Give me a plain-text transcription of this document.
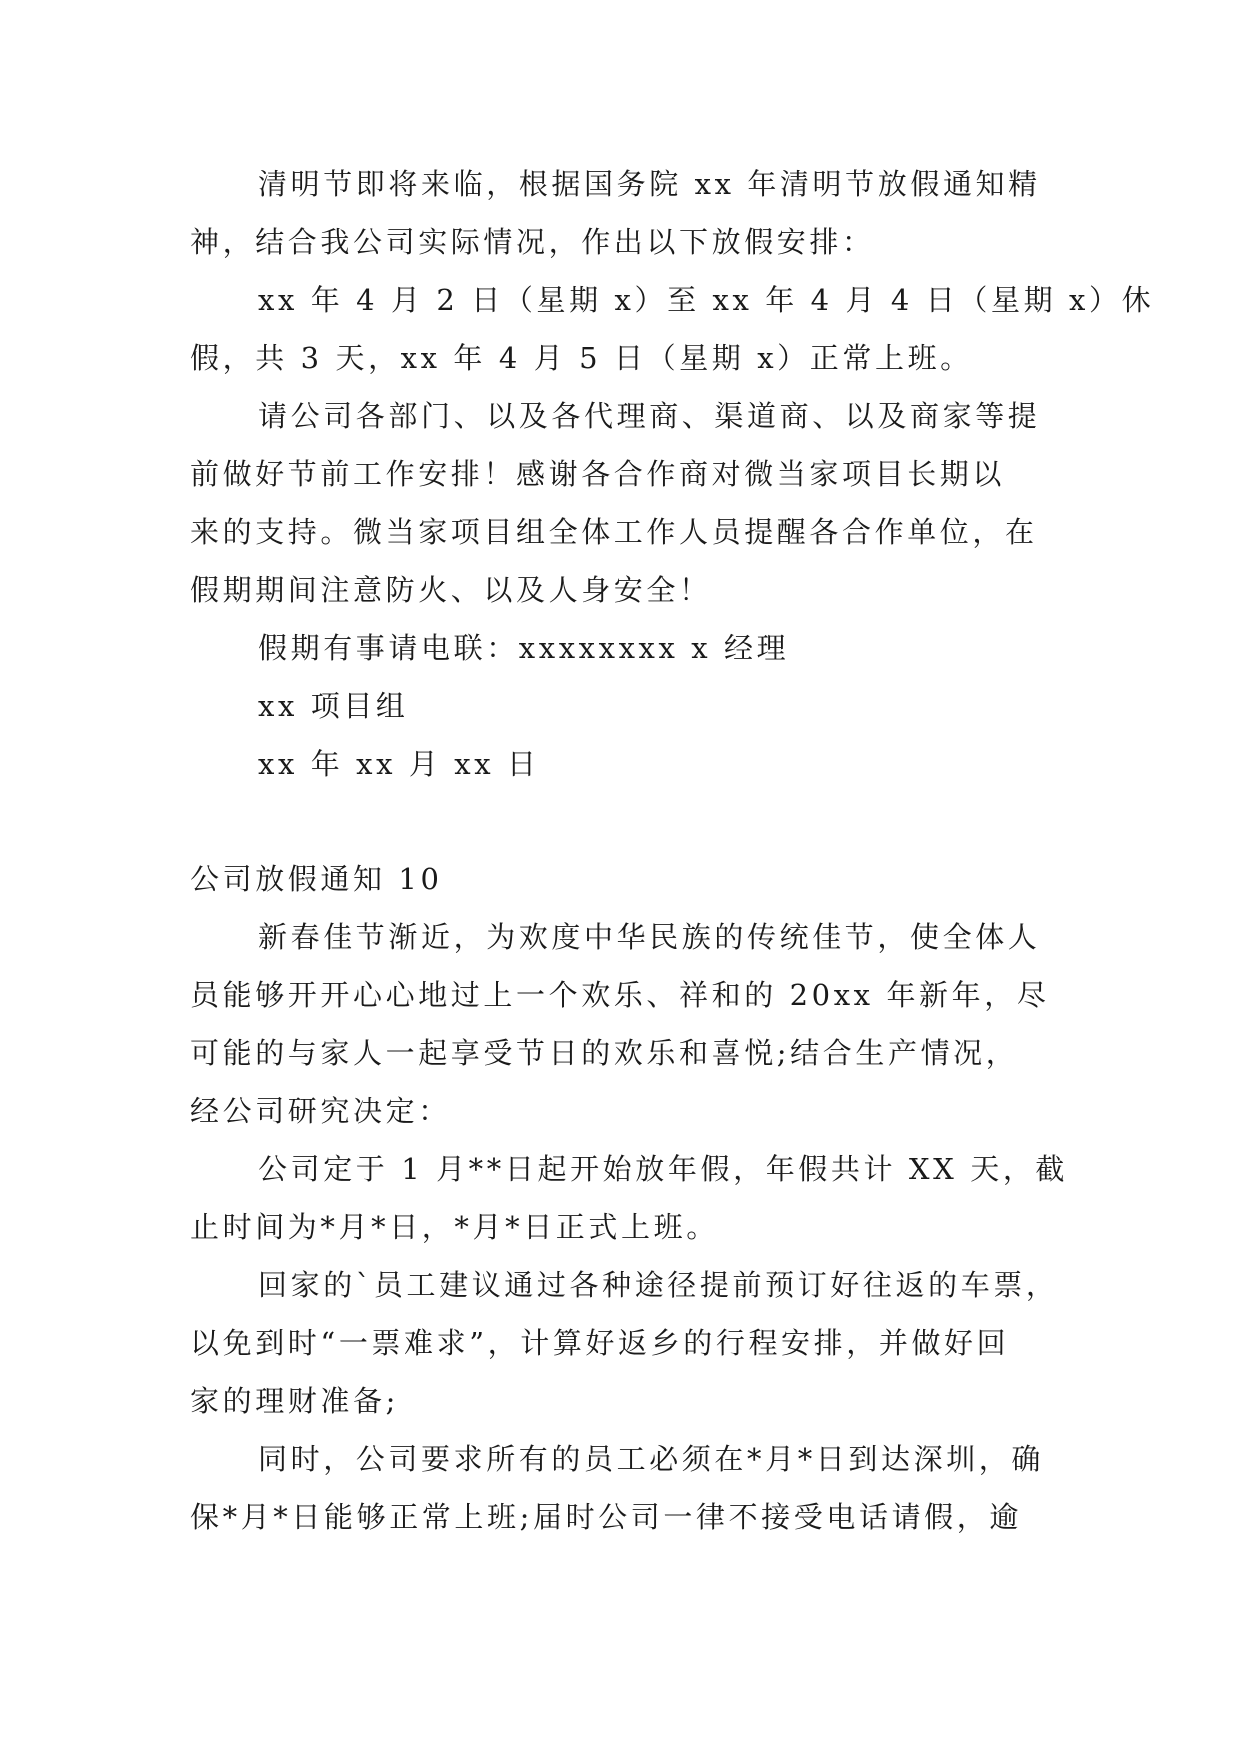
清明节即将来临，根据国务院 xx 年清明节放假通知精
神，结合我公司实际情况，作出以下放假安排：
xx 年 4 月 2 日（星期 x）至 xx 年 4 月 4 日（星期 x）休
假，共 3 天，xx 年 4 月 5 日（星期 x）正常上班。
请公司各部门、以及各代理商、渠道商、以及商家等提
前做好节前工作安排！感谢各合作商对微当家项目长期以
来的支持。微当家项目组全体工作人员提醒各合作单位，在
假期期间注意防火、以及人身安全！
假期有事请电联：xxxxxxxx x 经理
xx 项目组
xx 年 xx 月 xx 日
公司放假通知 10
新春佳节渐近，为欢度中华民族的传统佳节，使全体人
员能够开开心心地过上一个欢乐、祥和的 20xx 年新年，尽
可能的与家人一起享受节日的欢乐和喜悦;结合生产情况，
经公司研究决定：
公司定于 1 月**日起开始放年假，年假共计 XX 天，截
止时间为*月*日，*月*日正式上班。
回家的`员工建议通过各种途径提前预订好往返的车票，
以免到时“一票难求”，计算好返乡的行程安排，并做好回
家的理财准备;
同时，公司要求所有的员工必须在*月*日到达深圳，确
保*月*日能够正常上班;届时公司一律不接受电话请假，逾
